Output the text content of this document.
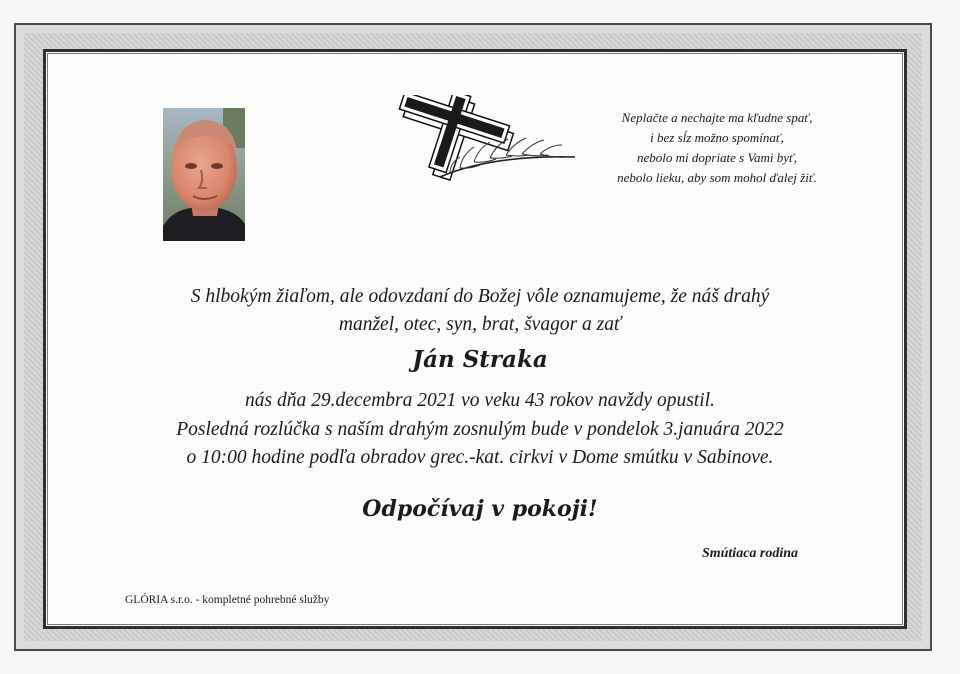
Neplačte a nechajte ma kľudne spať,
i bez sĺz možno spomínať,
nebolo mi dopriate s Vami byť,
nebolo lieku, aby som mohol ďalej žiť.
S hlbokým žiaľom, ale odovzdaní do Božej vôle oznamujeme, že náš drahý
manžel, otec, syn, brat, švagor a zať
Ján Straka
nás dňa 29.decembra 2021 vo veku 43 rokov navždy opustil.
Posledná rozlúčka s naším drahým zosnulým bude v pondelok 3.januára 2022
o 10:00 hodine podľa obradov grec.-kat. cirkvi v Dome smútku v Sabinove.
Odpočívaj v pokoji!
Smútiaca rodina
GLÓRIA s.r.o. - kompletné pohrebné služby
